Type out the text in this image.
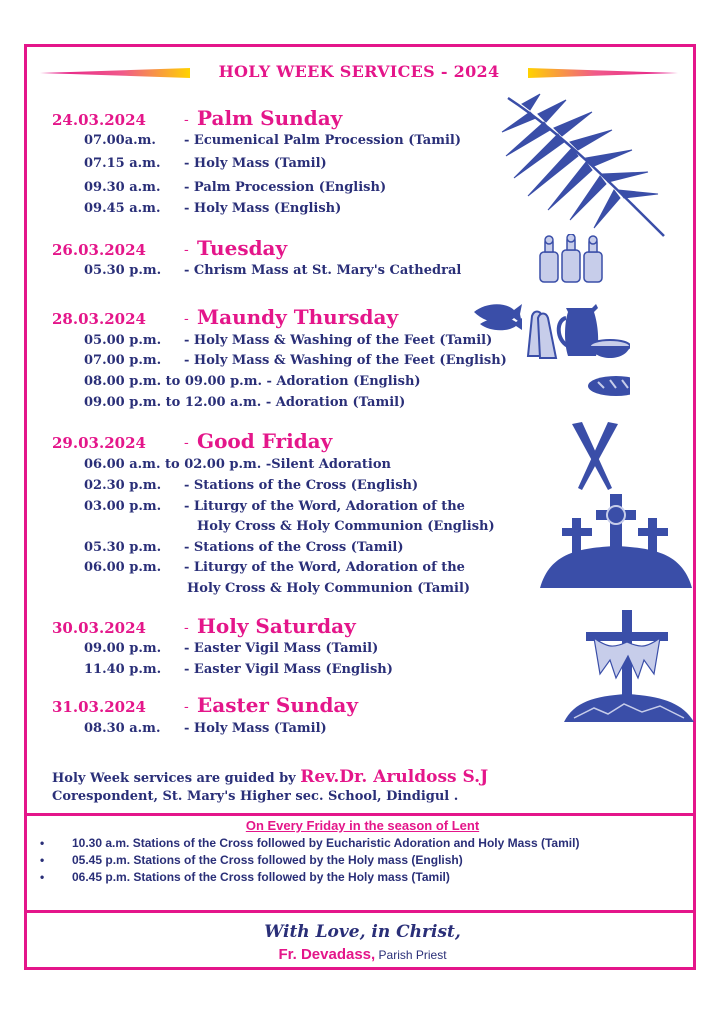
HOLY WEEK SERVICES - 2024
24.03.2024	- Palm Sunday
07.00a.m. - Ecumenical Palm Procession (Tamil)
07.15 a.m. - Holy Mass (Tamil)
09.30 a.m. - Palm Procession (English)
09.45 a.m. - Holy Mass (English)
26.03.2024	- Tuesday
05.30 p.m. - Chrism Mass at St. Mary's Cathedral
28.03.2024	- Maundy Thursday
05.00 p.m. - Holy Mass & Washing of the Feet (Tamil)
07.00 p.m. - Holy Mass & Washing of the Feet (English)
08.00 p.m. to 09.00 p.m. - Adoration (English)
09.00 p.m. to 12.00 a.m. - Adoration (Tamil)
29.03.2024	- Good Friday
06.00 a.m. to 02.00 p.m. -Silent Adoration
02.30 p.m. - Stations of the Cross (English)
03.00 p.m. - Liturgy of the Word, Adoration of the
Holy Cross & Holy Communion (English)
05.30 p.m. - Stations of the Cross (Tamil)
06.00 p.m. - Liturgy of the Word, Adoration of the
Holy Cross & Holy Communion (Tamil)
30.03.2024	- Holy Saturday
09.00 p.m. - Easter Vigil Mass (Tamil)
11.40 p.m. - Easter Vigil Mass (English)
31.03.2024	- Easter Sunday
08.30 a.m. - Holy Mass (Tamil)
Holy Week services are guided by Rev.Dr. Aruldoss S.J
Corespondent, St. Mary's Higher sec. School, Dindigul .
On Every Friday in the season of Lent
• 10.30 a.m. Stations of the Cross followed by Eucharistic Adoration and Holy Mass (Tamil)
• 05.45 p.m. Stations of the Cross followed by the Holy mass (English)
• 06.45 p.m. Stations of the Cross followed by the Holy mass (Tamil)
With Love, in Christ,
Fr. Devadass, Parish Priest
